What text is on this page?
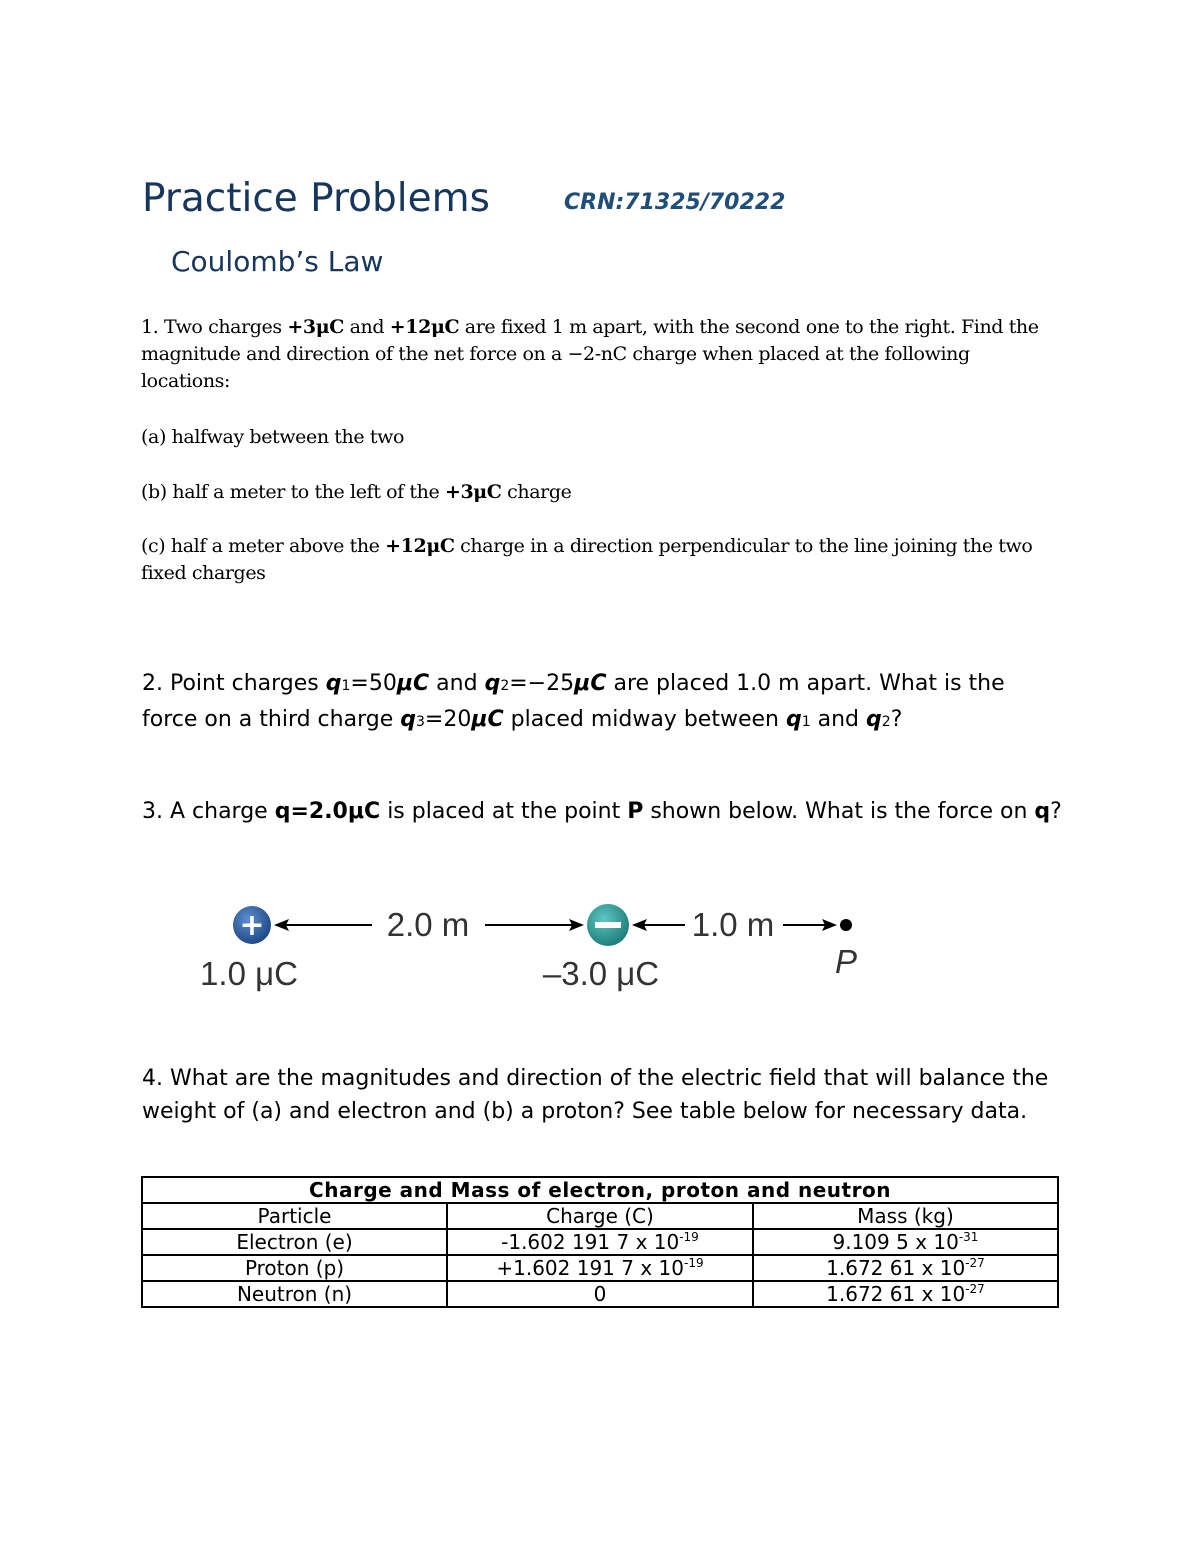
Practice Problems	CRN:71325/70222
Coulomb’s Law
1. Two charges +3μC and +12μC are fixed 1 m apart, with the second one to the right. Find the magnitude and direction of the net force on a −2-nC charge when placed at the following locations:
(a) halfway between the two
(b) half a meter to the left of the +3μC charge
(c) half a meter above the +12μC charge in a direction perpendicular to the line joining the two fixed charges
2. Point charges q1=50μC and q2=−25μC are placed 1.0 m apart. What is the force on a third charge q3=20μC placed midway between q1 and q2?
3. A charge q=2.0μC is placed at the point P shown below. What is the force on q?
+	2.0 m	1.0 m
P
1.0 μC	–3.0 μC
4. What are the magnitudes and direction of the electric field that will balance the weight of (a) and electron and (b) a proton? See table below for necessary data.
Charge and Mass of electron, proton and neutron		
Particle	Charge (C)	Mass (kg)
Electron (e)	-1.602 191 7 x $10^{-19}$	9.109 5 x $10^{-31}$
Proton (p)	+1.602 191 7 x $10^{-19}$	1.672 61 x $10^{-27}$
Neutron (n)	0	1.672 61 x $10^{-27}$
